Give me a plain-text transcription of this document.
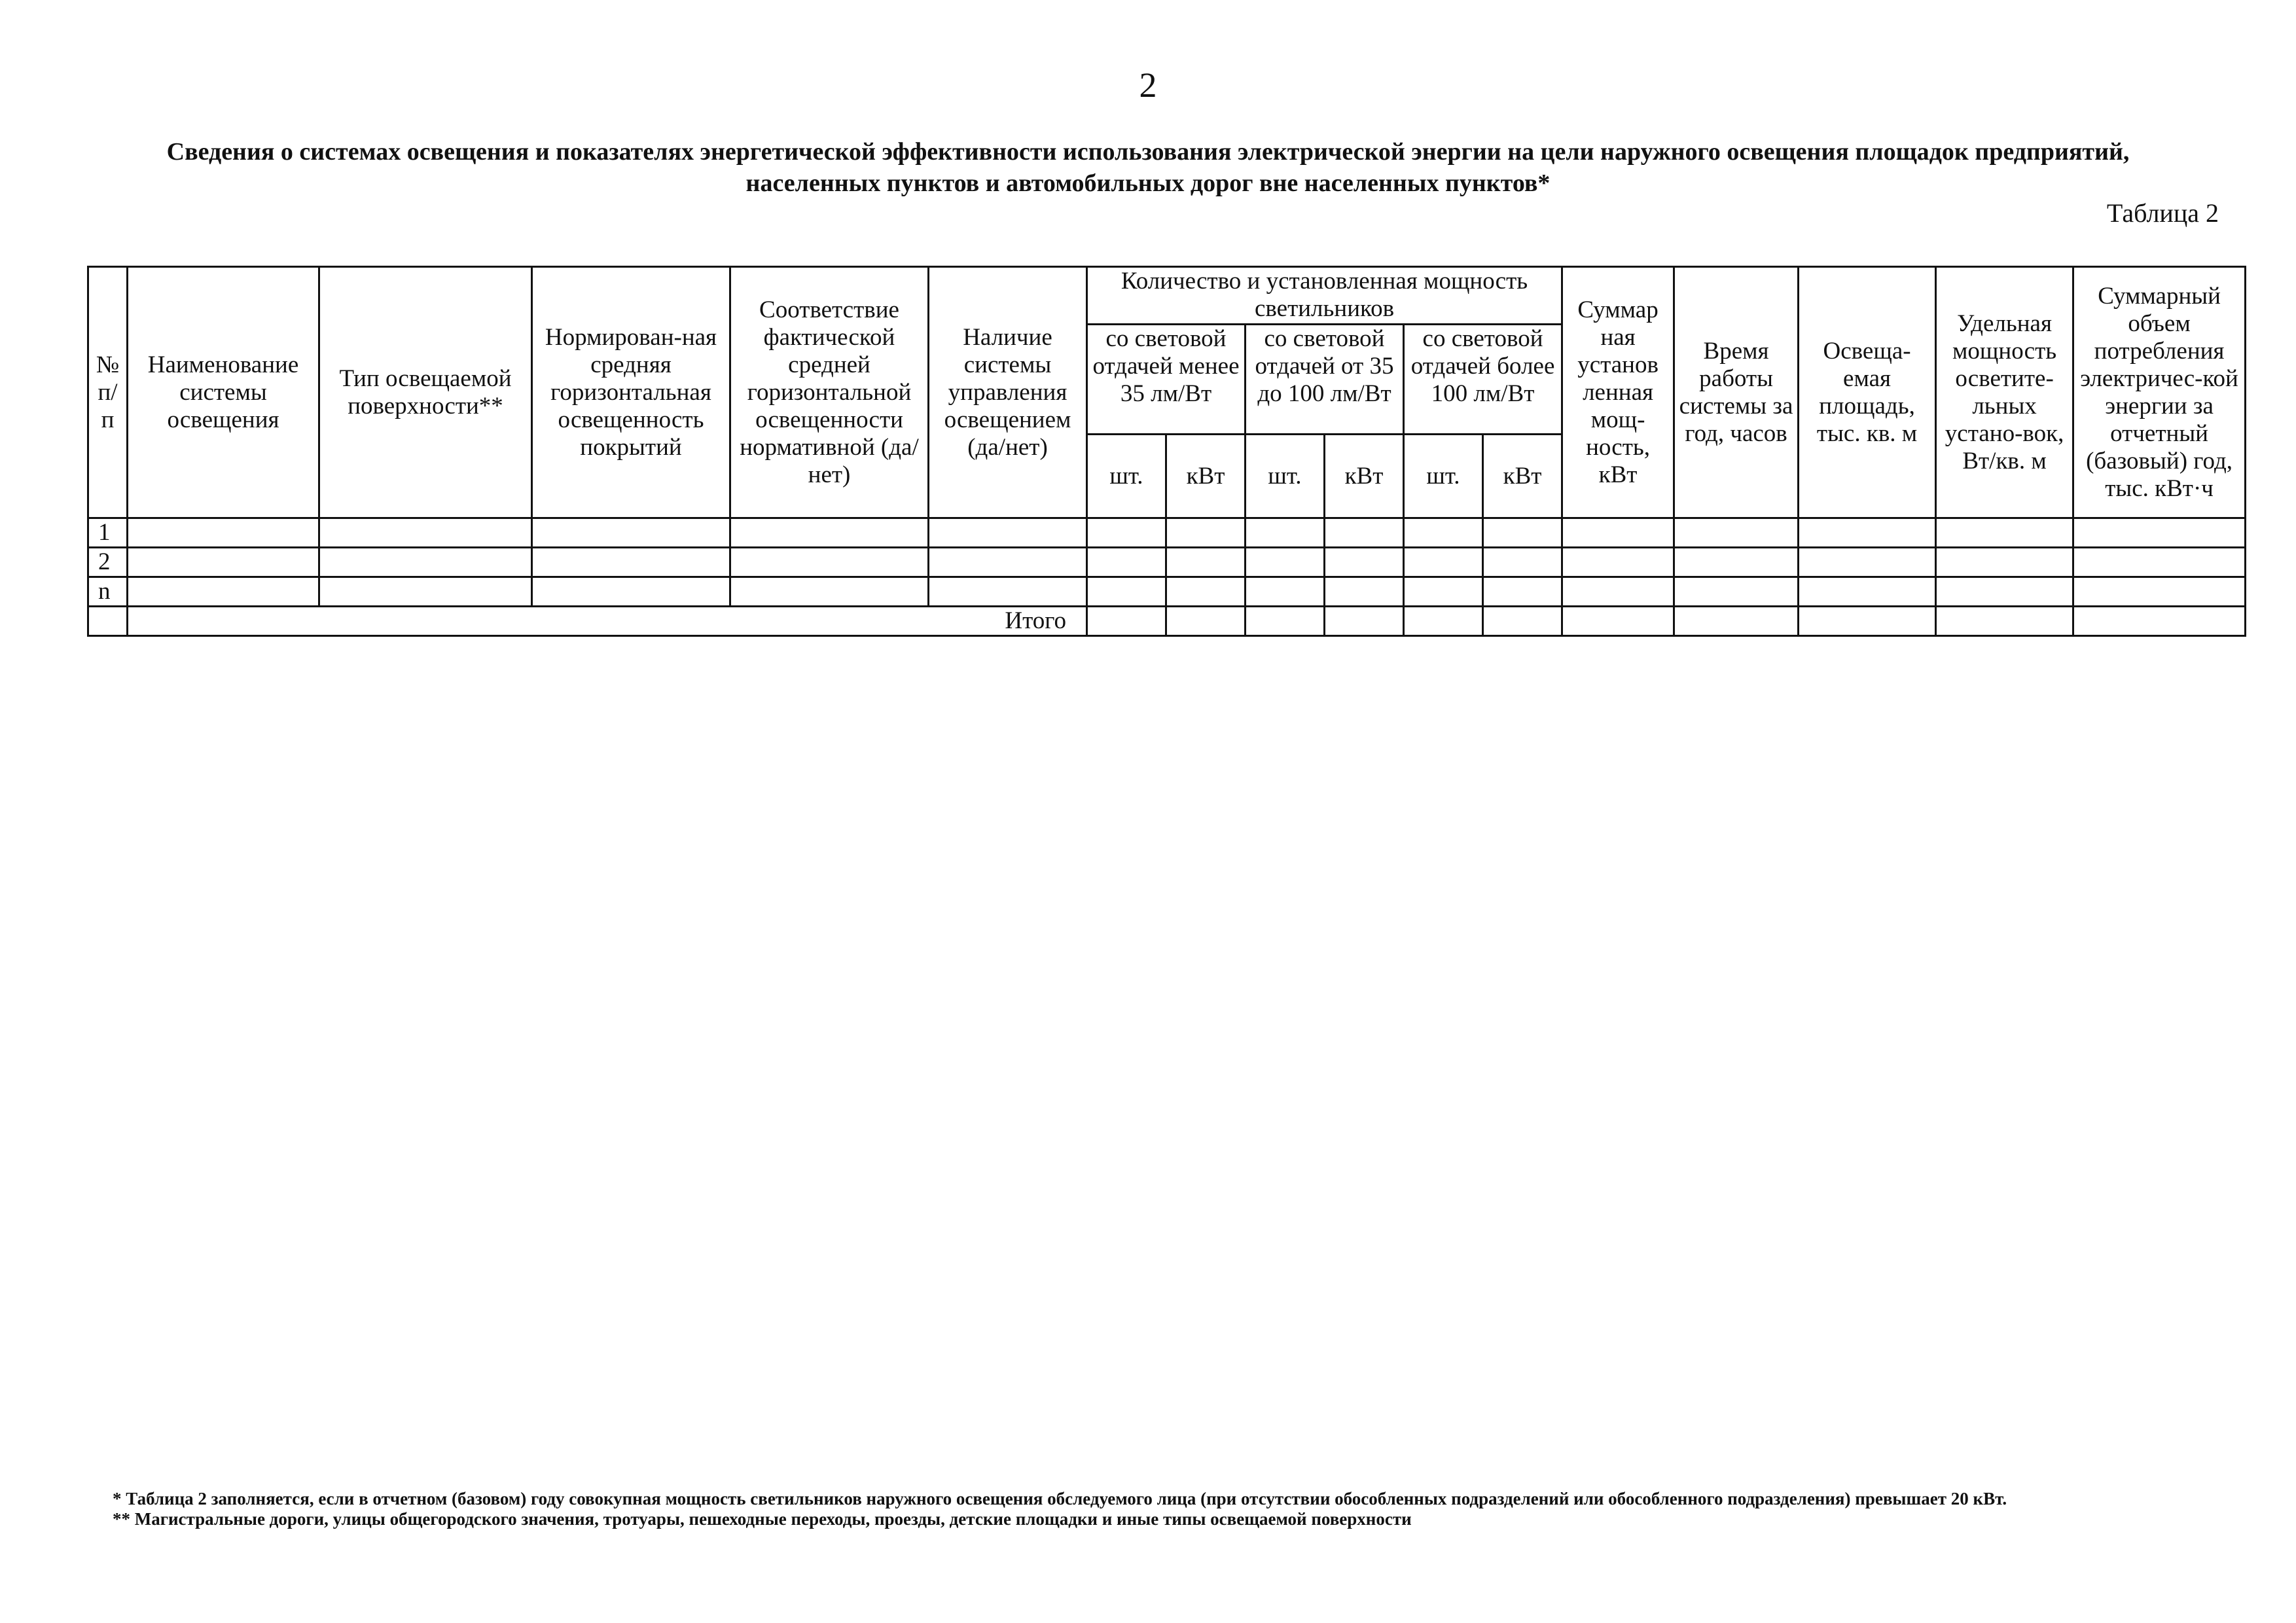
2
Сведения о системах освещения и показателях энергетической эффективности использования электрической энергии на цели наружного освещения площадок предприятий,
населенных пунктов и автомобильных дорог вне населенных пунктов*
Таблица 2
№ п/ п	Наименование системы освещения	Тип освещаемой поверхности**	Нормирован-ная средняя горизонтальная освещенность покрытий	Соответствие фактической средней горизонтальной освещенности нормативной (да/нет)	Наличие системы управления освещением (да/нет)	Количество и установленная мощность светильников						Суммар ная установ ленная мощ-ность, кВт	Время работы системы за год, часов	Освеща-емая площадь, тыс. кв. м	Удельная мощность осветите-льных устано-вок, Вт/кв. м	Суммарный объем потребления электричес-кой энергии за отчетный (базовый) год, тыс. кВт·ч
						со световой отдачей менее 35 лм/Вт		со световой отдачей от 35 до 100 лм/Вт		со световой отдачей более 100 лм/Вт						
						шт.	кВт	шт.	кВт	шт.	кВт					
1																
2																
n																
	Итого															

* Таблица 2 заполняется, если в отчетном (базовом) году совокупная мощность светильников наружного освещения обследуемого лица (при отсутствии обособленных подразделений или обособленного подразделения) превышает 20 кВт.

** Магистральные дороги, улицы общегородского значения, тротуары, пешеходные переходы, проезды, детские площадки и иные типы освещаемой поверхности
